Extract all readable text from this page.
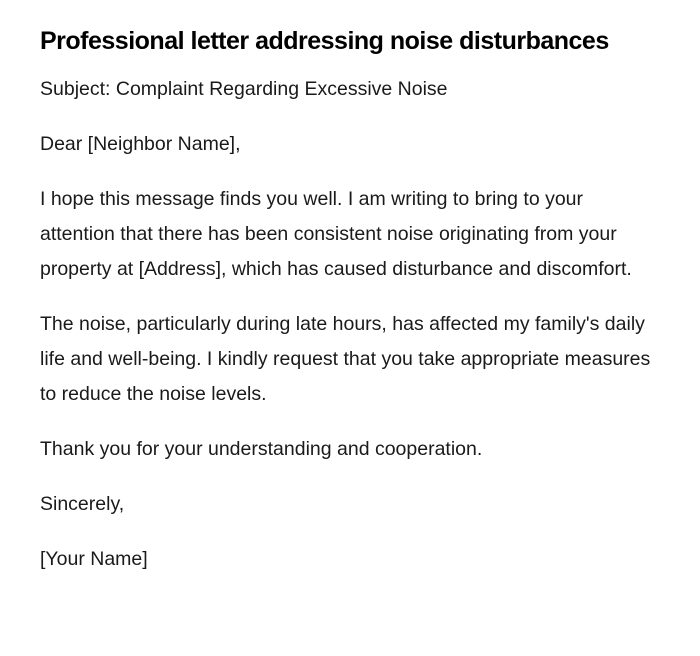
Professional letter addressing noise disturbances

Subject: Complaint Regarding Excessive Noise

Dear [Neighbor Name],

I hope this message finds you well. I am writing to bring to your attention that there has been consistent noise originating from your property at [Address], which has caused disturbance and discomfort.

The noise, particularly during late hours, has affected my family's daily life and well-being. I kindly request that you take appropriate measures to reduce the noise levels.

Thank you for your understanding and cooperation.

Sincerely,

[Your Name]
